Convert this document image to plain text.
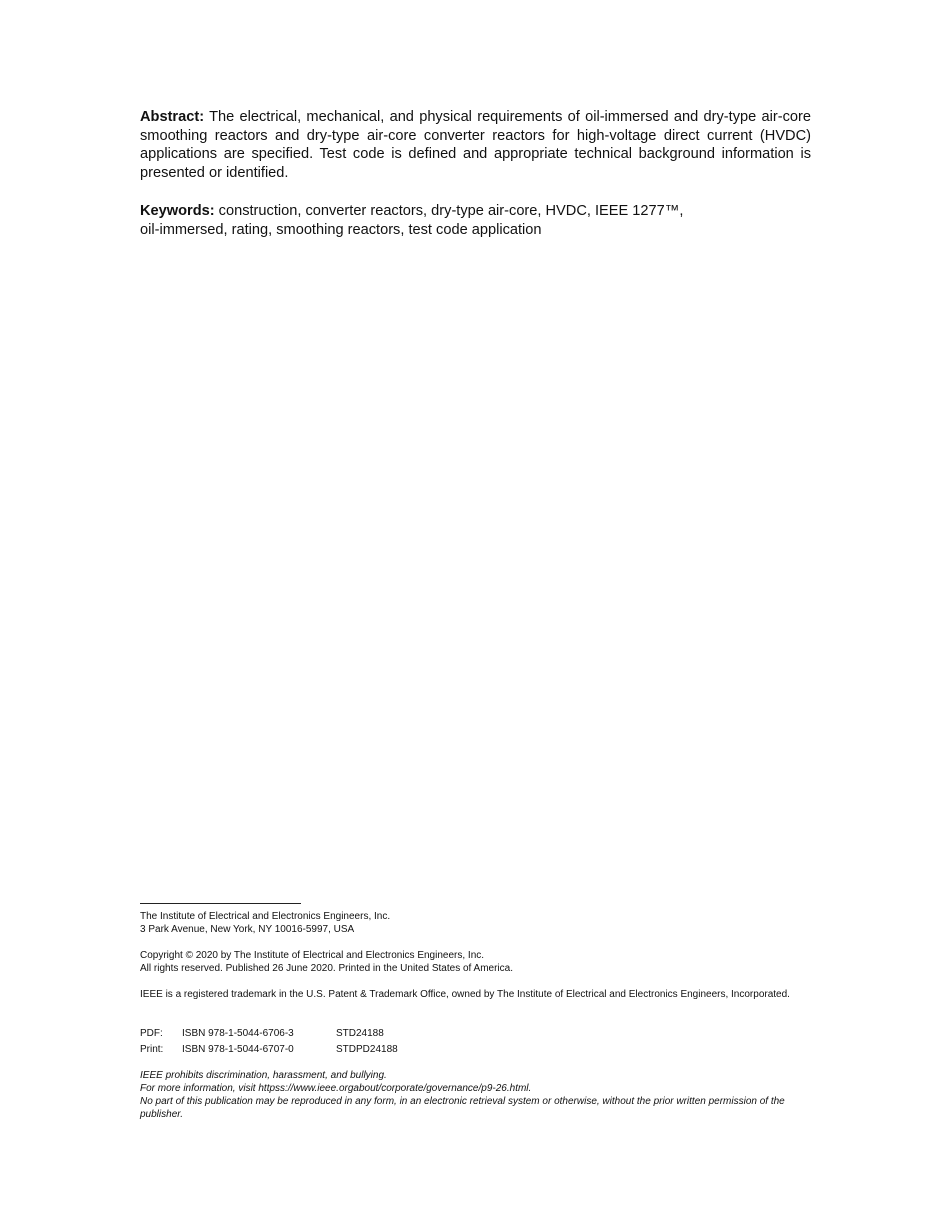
Abstract: The electrical, mechanical, and physical requirements of oil-immersed and dry-type air-core smoothing reactors and dry-type air-core converter reactors for high-voltage direct current (HVDC) applications are specified. Test code is defined and appropriate technical background information is presented or identified.

Keywords: construction, converter reactors, dry-type air-core, HVDC, IEEE 1277™,
oil-immersed, rating, smoothing reactors, test code application

The Institute of Electrical and Electronics Engineers, Inc.
3 Park Avenue, New York, NY 10016-5997, USA

Copyright © 2020 by The Institute of Electrical and Electronics Engineers, Inc.
All rights reserved. Published 26 June 2020. Printed in the United States of America.

IEEE is a registered trademark in the U.S. Patent & Trademark Office, owned by The Institute of Electrical and Electronics Engineers, Incorporated.

PDF:	ISBN 978-1-5044-6706-3	STD24188
Print:	ISBN 978-1-5044-6707-0	STDPD24188

IEEE prohibits discrimination, harassment, and bullying.
For more information, visit httpss://www.ieee.orgabout/corporate/governance/p9-26.html.
No part of this publication may be reproduced in any form, in an electronic retrieval system or otherwise, without the prior written permission of the publisher.
